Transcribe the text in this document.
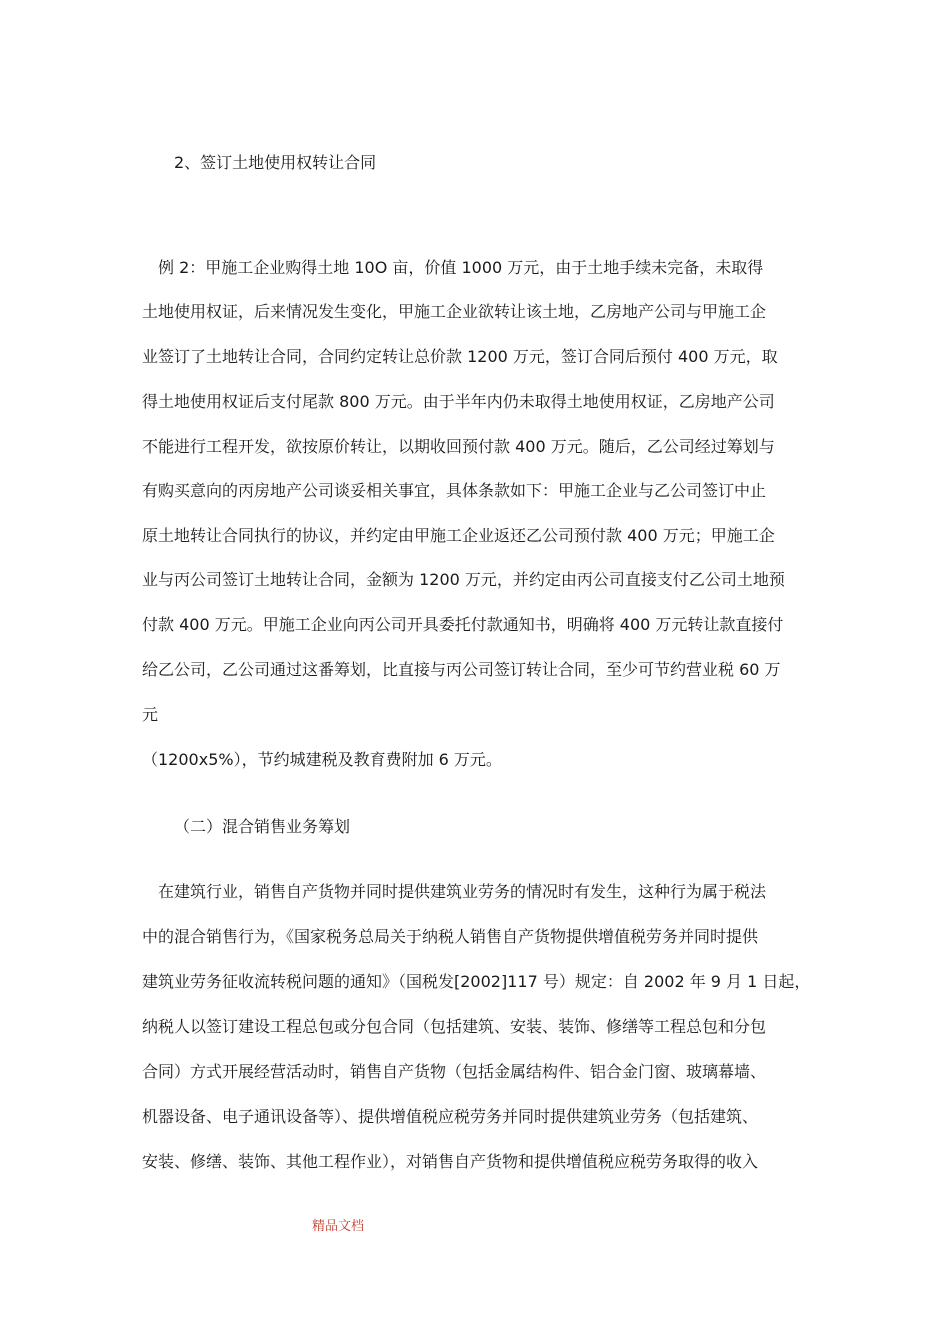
2、签订土地使用权转让合同
　例 2：甲施工企业购得土地 10O 亩，价值 1000 万元，由于土地手续未完备，未取得
土地使用权证，后来情况发生变化，甲施工企业欲转让该土地，乙房地产公司与甲施工企
业签订了土地转让合同，合同约定转让总价款 1200 万元，签订合同后预付 400 万元，取
得土地使用权证后支付尾款 800 万元。由于半年内仍未取得土地使用权证，乙房地产公司
不能进行工程开发，欲按原价转让，以期收回预付款 400 万元。随后，乙公司经过筹划与
有购买意向的丙房地产公司谈妥相关事宜，具体条款如下：甲施工企业与乙公司签订中止
原土地转让合同执行的协议，并约定由甲施工企业返还乙公司预付款 400 万元；甲施工企
业与丙公司签订土地转让合同，金额为 1200 万元，并约定由丙公司直接支付乙公司土地预
付款 400 万元。甲施工企业向丙公司开具委托付款通知书，明确将 400 万元转让款直接付
给乙公司，乙公司通过这番筹划，比直接与丙公司签订转让合同，至少可节约营业税 60 万
元
（1200x5%），节约城建税及教育费附加 6 万元。
（二）混合销售业务筹划
　在建筑行业，销售自产货物并同时提供建筑业劳务的情况时有发生，这种行为属于税法
中的混合销售行为，《国家税务总局关于纳税人销售自产货物提供增值税劳务并同时提供
建筑业劳务征收流转税问题的通知》（国税发[2002]117 号）规定：自 2002 年 9 月 1 日起，
纳税人以签订建设工程总包或分包合同（包括建筑、安装、装饰、修缮等工程总包和分包
合同）方式开展经营活动时，销售自产货物（包括金属结构件、铝合金门窗、玻璃幕墙、
机器设备、电子通讯设备等）、提供增值税应税劳务并同时提供建筑业劳务（包括建筑、
安装、修缮、装饰、其他工程作业），对销售自产货物和提供增值税应税劳务取得的收入
精品文档
